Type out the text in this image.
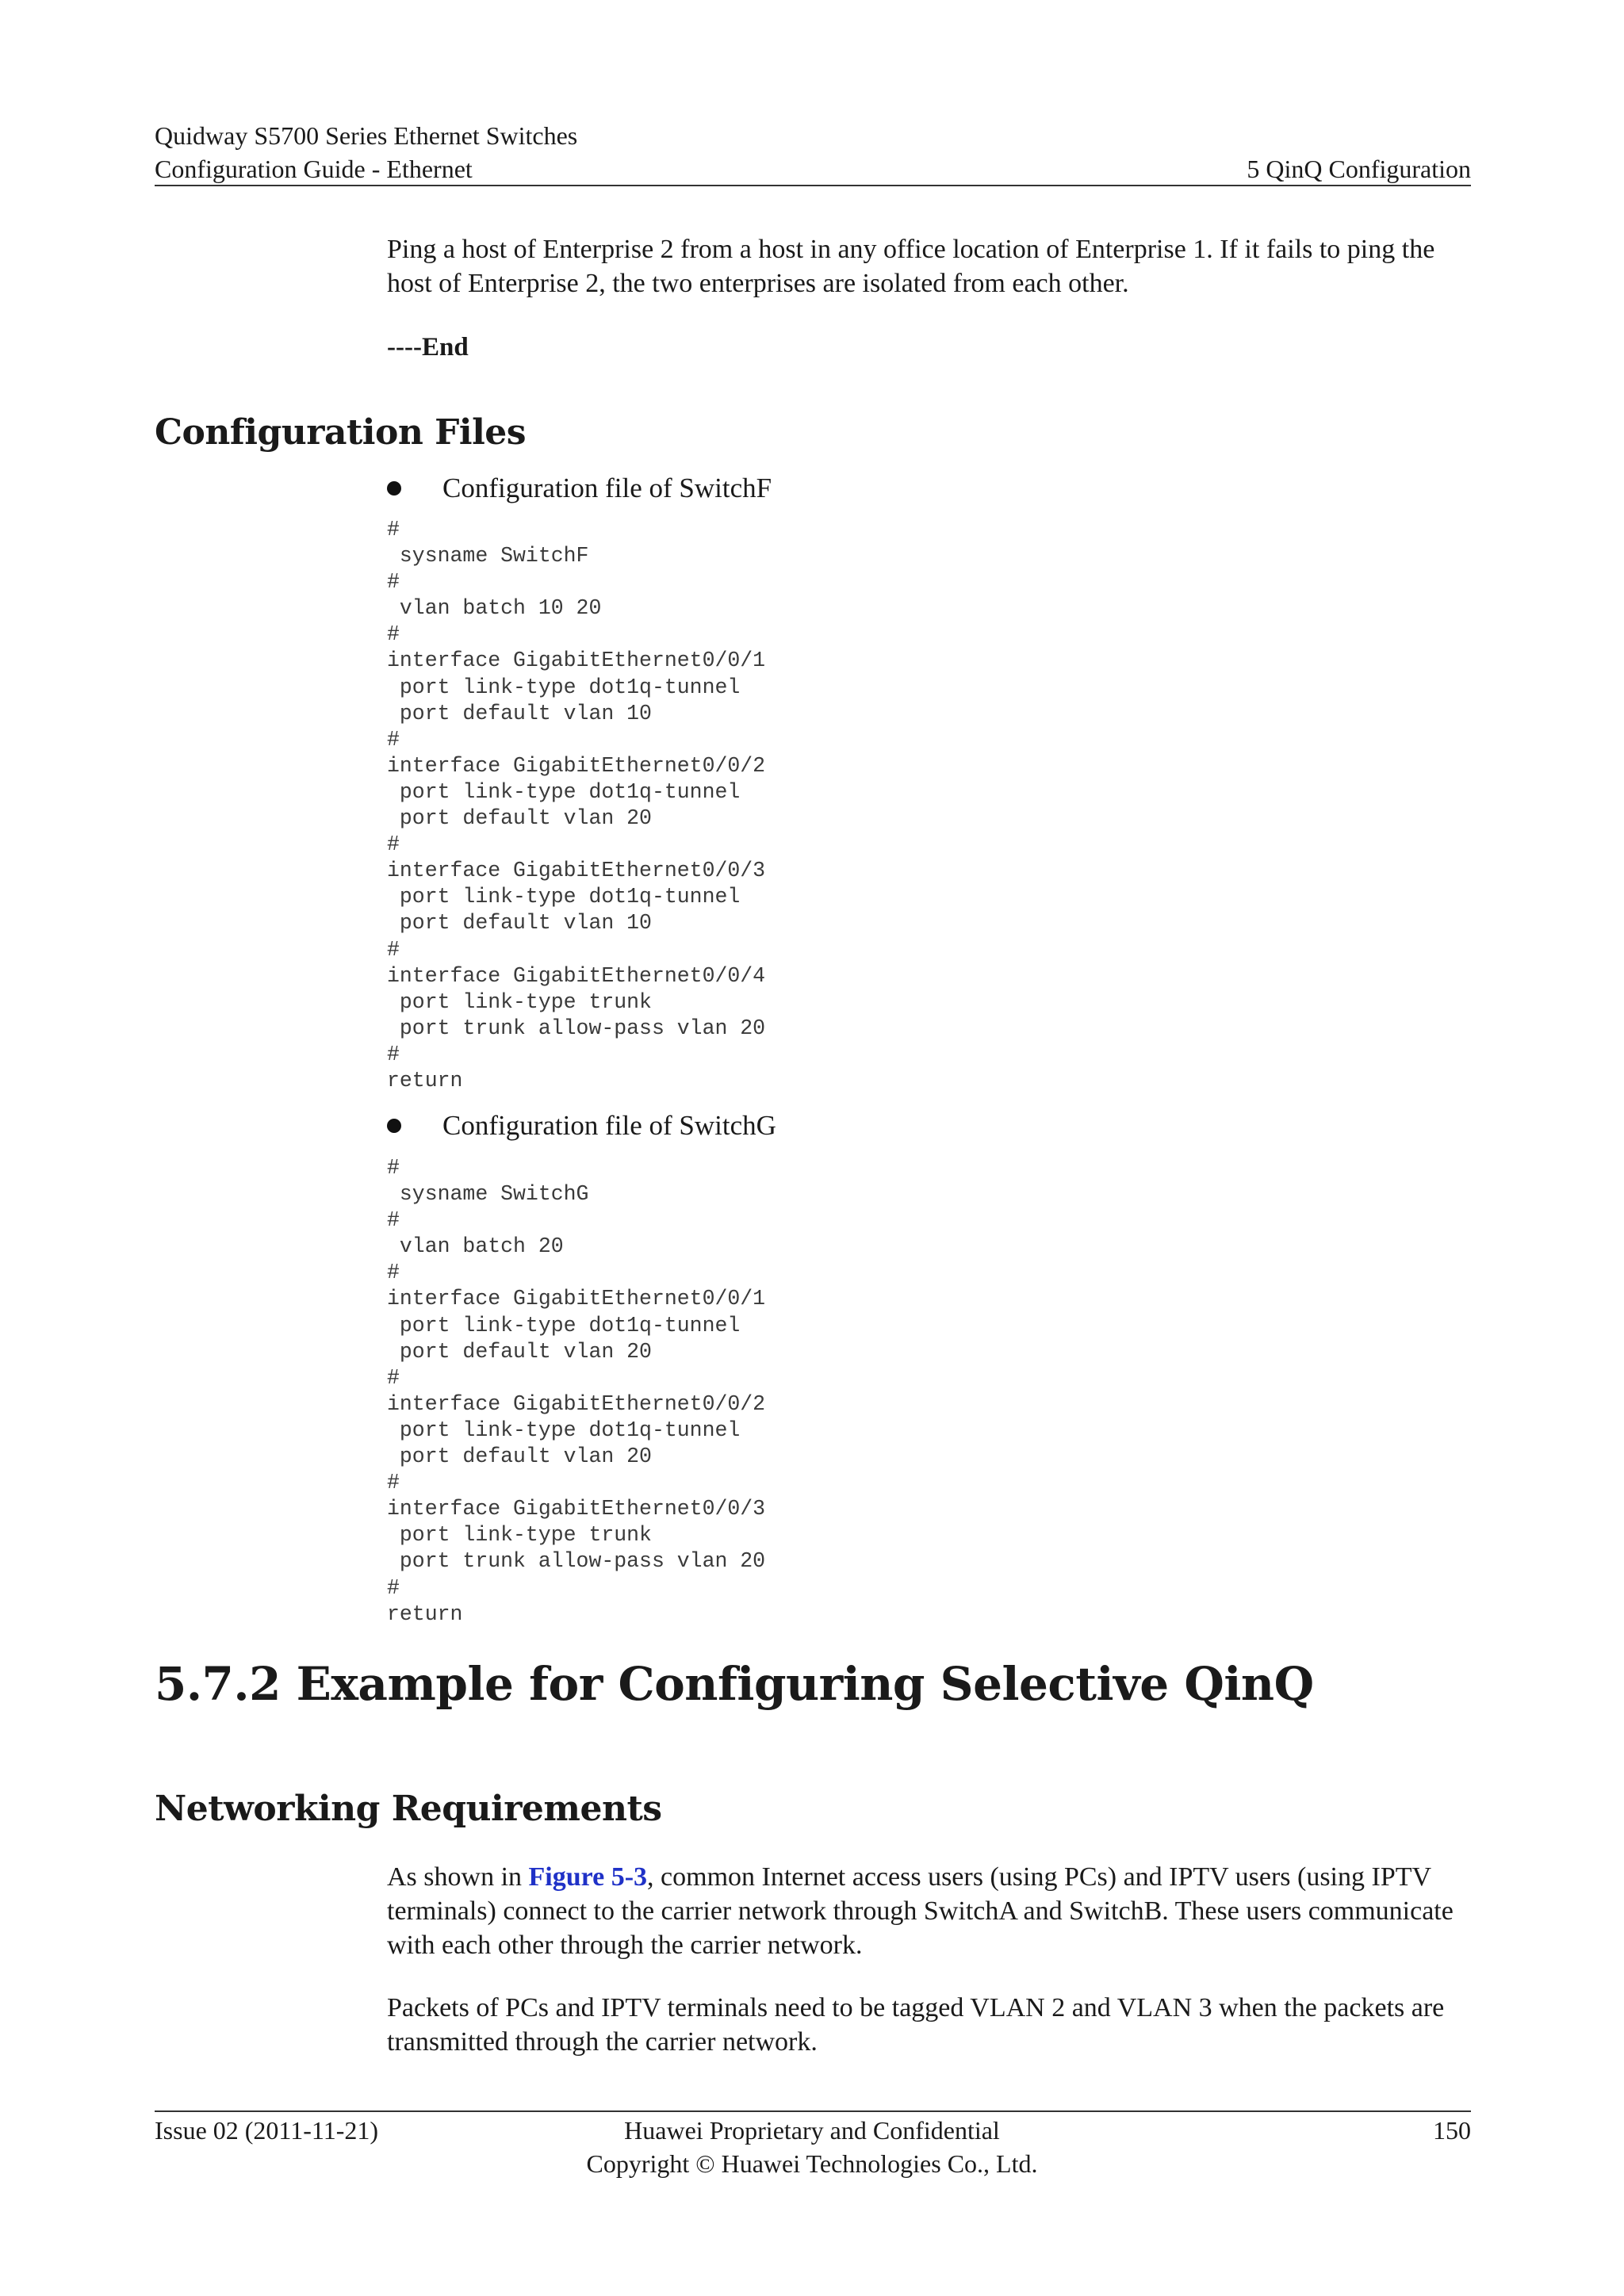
Quidway S5700 Series Ethernet Switches
Configuration Guide - Ethernet	5 QinQ Configuration

Ping a host of Enterprise 2 from a host in any office location of Enterprise 1. If it fails to ping the host of Enterprise 2, the two enterprises are isolated from each other.

----End
Configuration Files
Configuration file of SwitchF
#
sysname SwitchF
#
vlan batch 10 20
#
interface GigabitEthernet0/0/1
port link-type dot1q-tunnel
port default vlan 10
#
interface GigabitEthernet0/0/2
port link-type dot1q-tunnel
port default vlan 20
#
interface GigabitEthernet0/0/3
port link-type dot1q-tunnel
port default vlan 10
#
interface GigabitEthernet0/0/4
port link-type trunk
port trunk allow-pass vlan 20
#
return
Configuration file of SwitchG
#
sysname SwitchG
#
vlan batch 20
#
interface GigabitEthernet0/0/1
port link-type dot1q-tunnel
port default vlan 20
#
interface GigabitEthernet0/0/2
port link-type dot1q-tunnel
port default vlan 20
#
interface GigabitEthernet0/0/3
port link-type trunk
port trunk allow-pass vlan 20
#
return
5.7.2 Example for Configuring Selective QinQ
Networking Requirements

As shown in Figure 5-3, common Internet access users (using PCs) and IPTV users (using IPTV terminals) connect to the carrier network through SwitchA and SwitchB. These users communicate with each other through the carrier network.

Packets of PCs and IPTV terminals need to be tagged VLAN 2 and VLAN 3 when the packets are transmitted through the carrier network.

Issue 02 (2011-11-21)	Huawei Proprietary and Confidential
Copyright © Huawei Technologies Co., Ltd.
150
